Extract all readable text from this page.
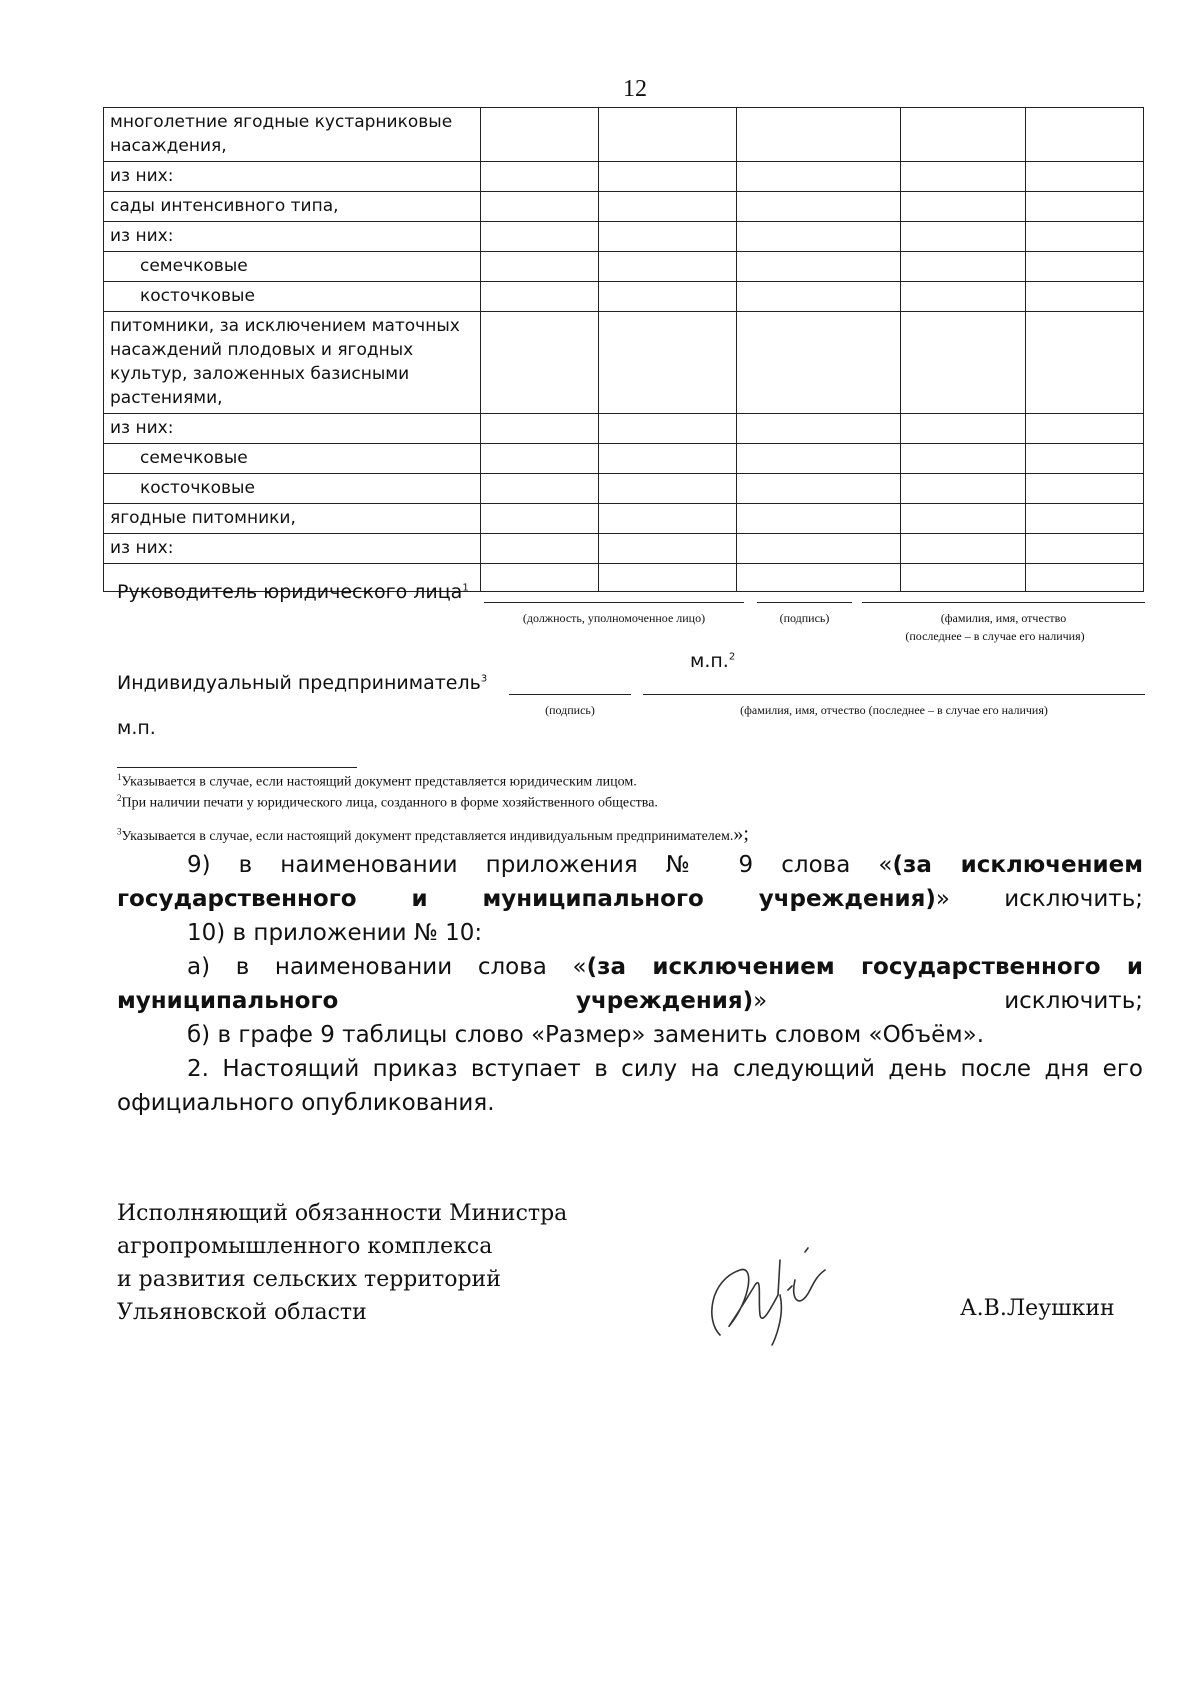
12
многолетние ягодные кустарниковые насаждения,					
из них:					
сады интенсивного типа,					
из них:					
семечковые					
косточковые					
питомники, за исключением маточных насаждений плодовых и ягодных культур, заложенных базисными растениями,					
из них:					
семечковые					
косточковые					
ягодные питомники,					
из них:					

Руководитель юридического лица$^1$
(должность, уполномоченное лицо)	(подпись)	(фамилия, имя, отчество
(последнее – в случае его наличия)
м.п.$^2$
Индивидуальный предприниматель$^3$
(подпись)	(фамилия, имя, отчество (последнее – в случае его наличия)
м.п.
$^1$Указывается в случае, если настоящий документ представляется юридическим лицом.
$^2$При наличии печати у юридического лица, созданного в форме хозяйственного общества.
$^3$Указывается в случае, если настоящий документ представляется индивидуальным предпринимателем.»;

9) в наименовании приложения № 9 слова «(за исключением государственного и муниципального учреждения)» исключить;

10) в приложении № 10:

а) в наименовании слова «(за исключением государственного и муниципального учреждения)» исключить;

б) в графе 9 таблицы слово «Размер» заменить словом «Объём».

2. Настоящий приказ вступает в силу на следующий день после дня его официального опубликования.

Исполняющий обязанности Министра
агропромышленного комплекса
и развития сельских территорий
Ульяновской области	А.В.Леушкин
